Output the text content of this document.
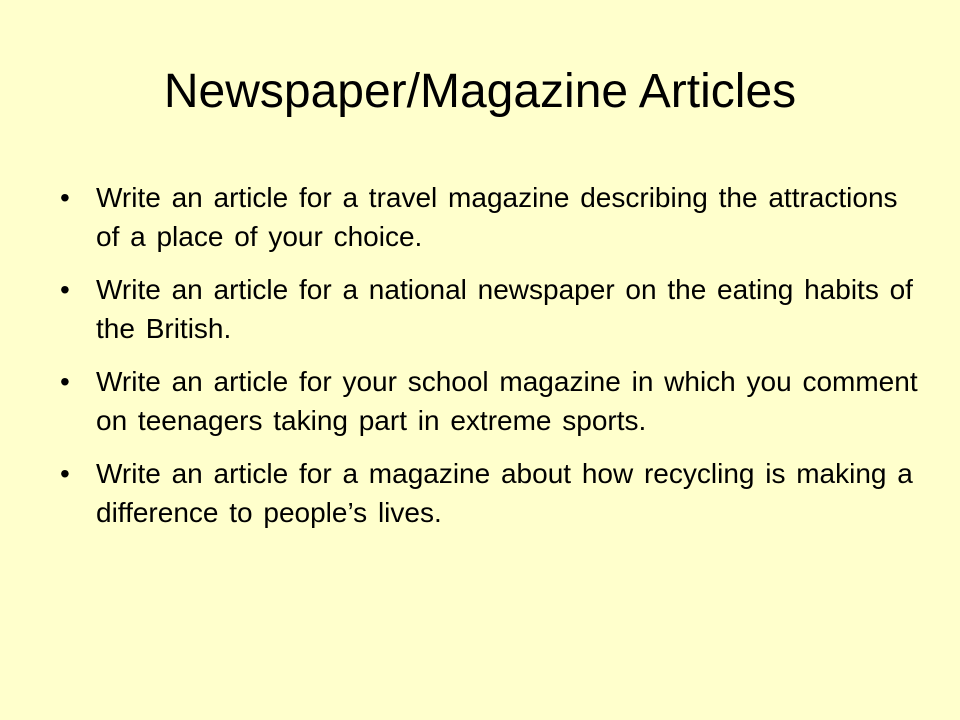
Newspaper/Magazine Articles
• Write an article for a travel magazine describing the attractions of a place of your choice.
• Write an article for a national newspaper on the eating habits of the British.
• Write an article for your school magazine in which you comment on teenagers taking part in extreme sports.
• Write an article for a magazine about how recycling is making a difference to people’s lives.
